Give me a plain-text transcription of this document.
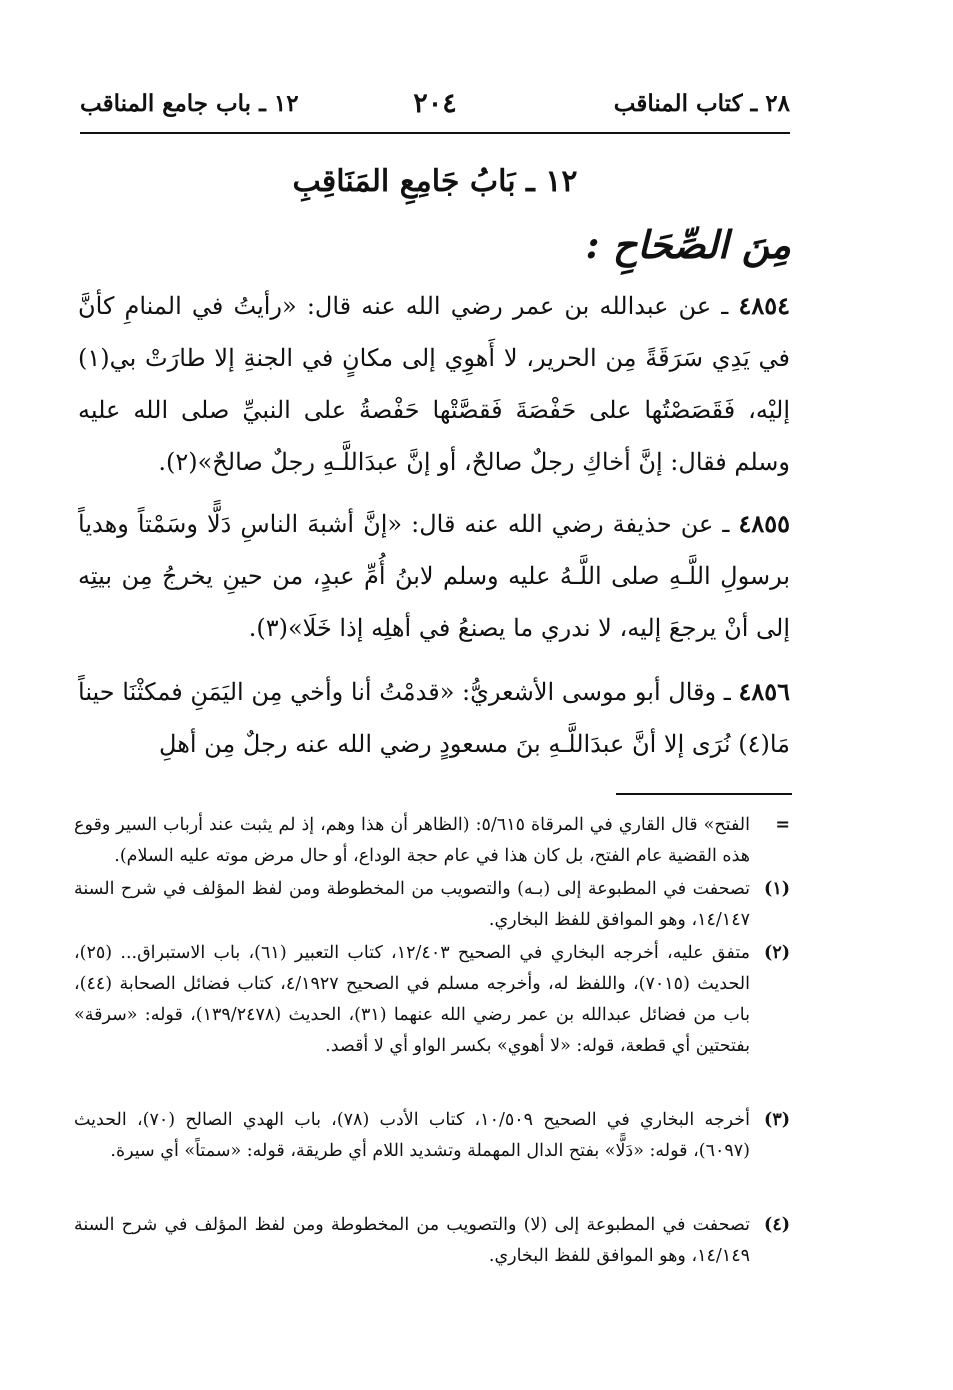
٢٨ ـ كتاب المناقب
٢٠٤
١٢ ـ باب جامع المناقب
١٢ ـ بَابُ جَامِعِ المَنَاقِبِ
مِنَ الصِّحَاحِ :
٤٨٥٤ ـ عن عبدالله بن عمر رضي الله عنه قال: «رأيتُ في المنامِ كأنَّ في يَدِي سَرَقَةً مِن الحرير، لا أَهوِي إلى مكانٍ في الجنةِ إلا طارَتْ بي(١) إليْه، فَقَصَصْتُها على حَفْصَةَ فَقصَّتْها حَفْصةُ على النبيِّ صلى الله عليه وسلم فقال: إنَّ أخاكِ رجلٌ صالحٌ، أو إنَّ عبدَاللَّـهِ رجلٌ صالحٌ»(٢).
٤٨٥٥ ـ عن حذيفة رضي الله عنه قال: «إنَّ أشبهَ الناسِ دَلًّا وسَمْتاً وهدياً برسولِ اللَّـهِ صلى اللَّـهُ عليه وسلم لابنُ أُمِّ عبدٍ، من حينِ يخرجُ مِن بيتِه إلى أنْ يرجعَ إليه، لا ندري ما يصنعُ في أهلِه إذا خَلَا»(٣).
٤٨٥٦ ـ وقال أبو موسى الأشعريُّ: «قدمْتُ أنا وأخي مِن اليَمَنِ فمكثْنَا حيناً مَا(٤) نُرَى إلا أنَّ عبدَاللَّـهِ بنَ مسعودٍ رضي الله عنه رجلٌ مِن أهلِ
=
الفتح» قال القاري في المرقاة ٥/٦١٥: (الظاهر أن هذا وهم، إذ لم يثبت عند أرباب السير وقوع هذه القضية عام الفتح، بل كان هذا في عام حجة الوداع، أو حال مرض موته عليه السلام).
(١)
تصحفت في المطبوعة إلى (بـه) والتصويب من المخطوطة ومن لفظ المؤلف في شرح السنة ١٤/١٤٧، وهو الموافق للفظ البخاري.
(٢)
متفق عليه، أخرجه البخاري في الصحيح ١٢/٤٠٣، كتاب التعبير (٦١)، باب الاستبراق... (٢٥)، الحديث (٧٠١٥)، واللفظ له، وأخرجه مسلم في الصحيح ٤/١٩٢٧، كتاب فضائل الصحابة (٤٤)، باب من فضائل عبدالله بن عمر رضي الله عنهما (٣١)، الحديث (١٣٩/٢٤٧٨)، قوله: «سرقة» بفتحتين أي قطعة، قوله: «لا أهوي» بكسر الواو أي لا أقصد.
(٣)
أخرجه البخاري في الصحيح ١٠/٥٠٩، كتاب الأدب (٧٨)، باب الهدي الصالح (٧٠)، الحديث (٦٠٩٧)، قوله: «دَلًّا» بفتح الدال المهملة وتشديد اللام أي طريقة، قوله: «سمتاً» أي سيرة.
(٤)
تصحفت في المطبوعة إلى (لا) والتصويب من المخطوطة ومن لفظ المؤلف في شرح السنة ١٤/١٤٩، وهو الموافق للفظ البخاري.
